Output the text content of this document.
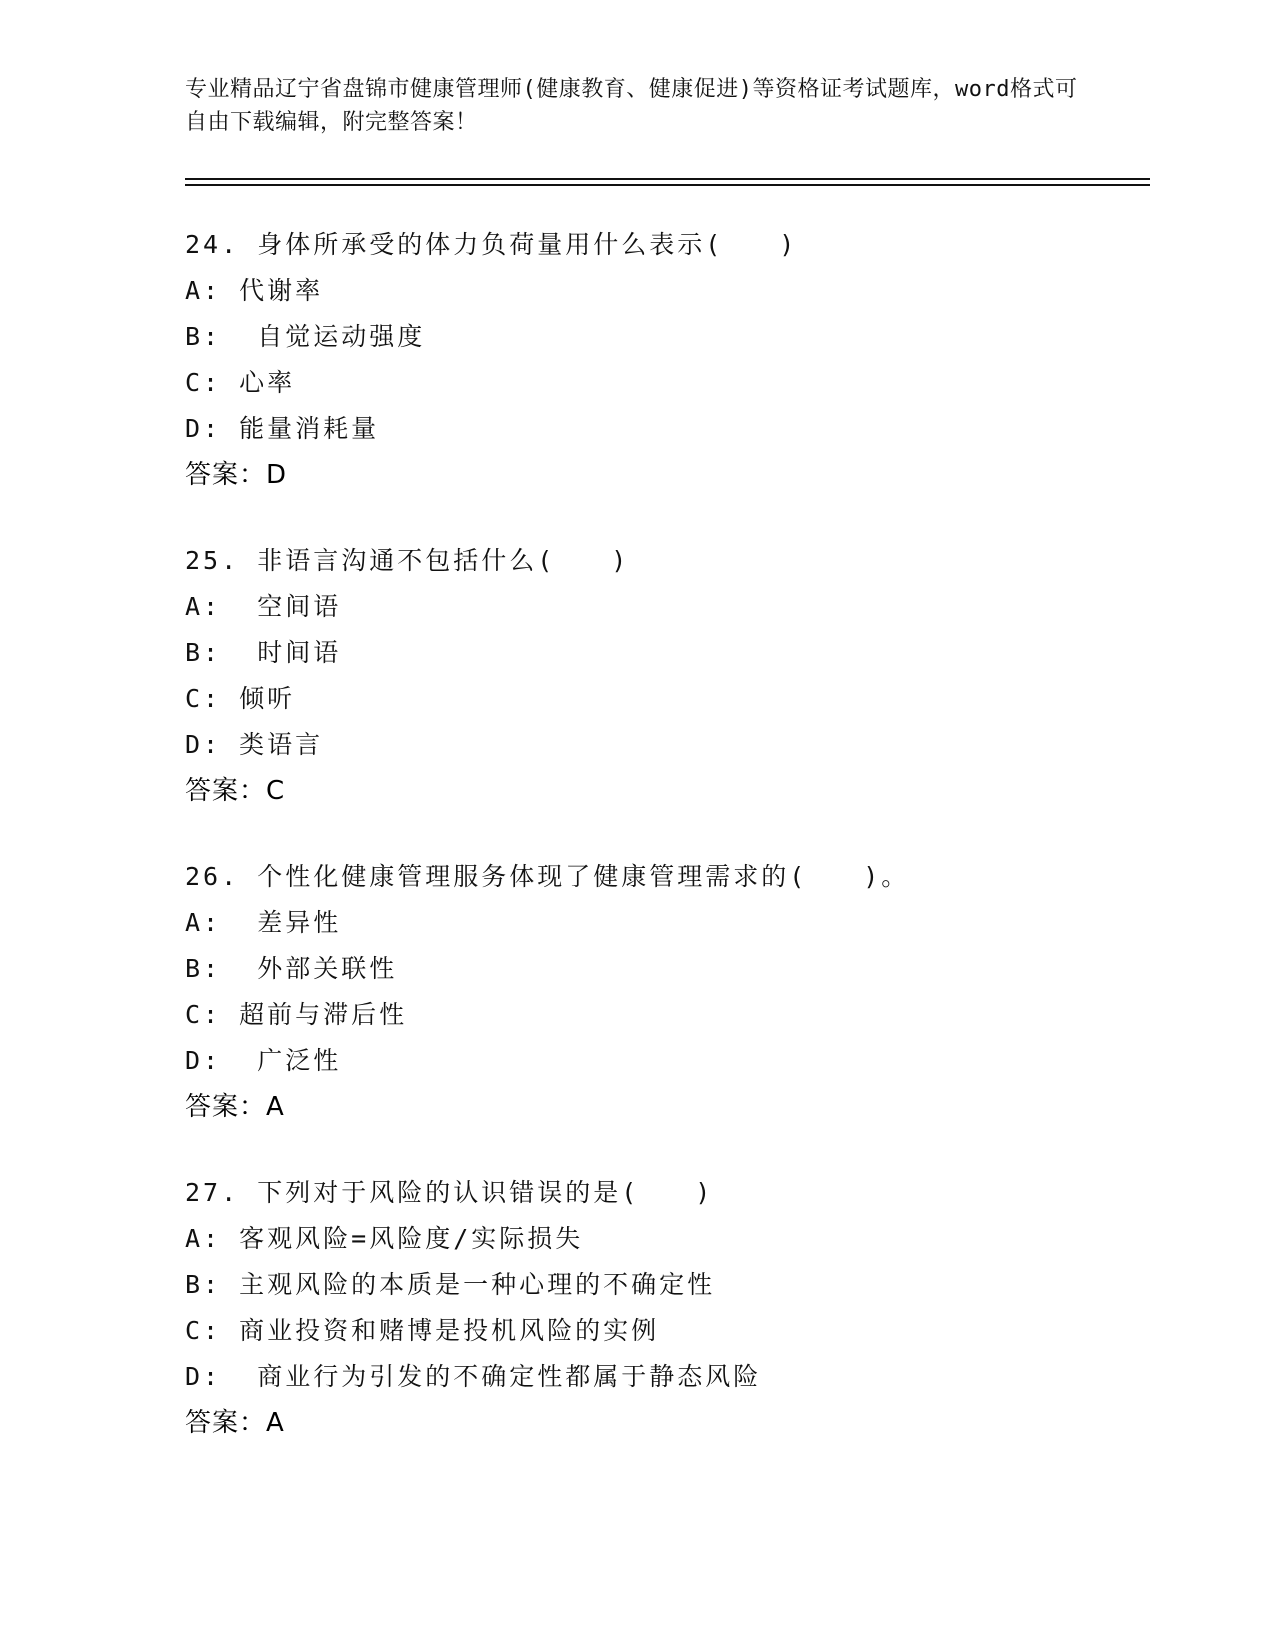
专业精品辽宁省盘锦市健康管理师(健康教育、健康促进)等资格证考试题库，word格式可自由下载编辑，附完整答案！
24. 身体所承受的体力负荷量用什么表示(　　)
A: 代谢率
B:  自觉运动强度
C: 心率
D: 能量消耗量
答案：D
25. 非语言沟通不包括什么(　　)
A:  空间语
B:  时间语
C: 倾听
D: 类语言
答案：C
26. 个性化健康管理服务体现了健康管理需求的(　　)。
A:  差异性
B:  外部关联性
C: 超前与滞后性
D:  广泛性
答案：A
27. 下列对于风险的认识错误的是(　　)
A: 客观风险=风险度/实际损失
B: 主观风险的本质是一种心理的不确定性
C: 商业投资和赌博是投机风险的实例
D:  商业行为引发的不确定性都属于静态风险
答案：A
